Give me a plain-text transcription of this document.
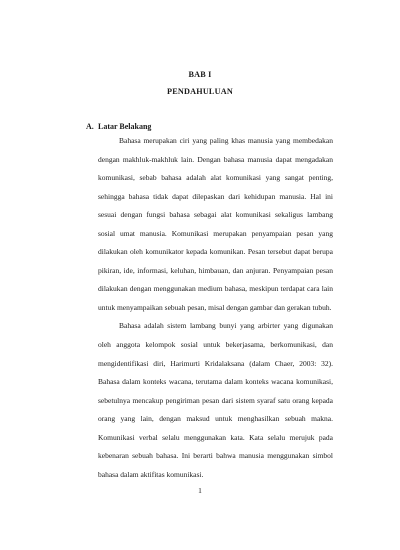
BAB I
PENDAHULUAN
A. Latar Belakang

Bahasa merupakan ciri yang paling khas manusia yang membedakan dengan makhluk-makhluk lain. Dengan bahasa manusia dapat mengadakan komunikasi, sebab bahasa adalah alat komunikasi yang sangat penting, sehingga bahasa tidak dapat dilepaskan dari kehidupan manusia. Hal ini sesuai dengan fungsi bahasa sebagai alat komunikasi sekaligus lambang sosial umat manusia. Komunikasi merupakan penyampaian pesan yang dilakukan oleh komunikator kepada komunikan. Pesan tersebut dapat berupa pikiran, ide, informasi, keluhan, himbauan, dan anjuran. Penyampaian pesan dilakukan dengan menggunakan medium bahasa, meskipun terdapat cara lain untuk menyampaikan sebuah pesan, misal dengan gambar dan gerakan tubuh.

Bahasa adalah sistem lambang bunyi yang arbirter yang digunakan oleh anggota kelompok sosial untuk bekerjasama, berkomunikasi, dan mengidentifikasi diri, Harimurti Kridalaksana (dalam Chaer, 2003: 32). Bahasa dalam konteks wacana, terutama dalam konteks wacana komunikasi, sebetulnya mencakup pengiriman pesan dari sistem syaraf satu orang kepada orang yang lain, dengan maksud untuk menghasilkan sebuah makna. Komunikasi verbal selalu menggunakan kata. Kata selalu merujuk pada kebenaran sebuah bahasa. Ini berarti bahwa manusia menggunakan simbol bahasa dalam aktifitas komunikasi.

1
